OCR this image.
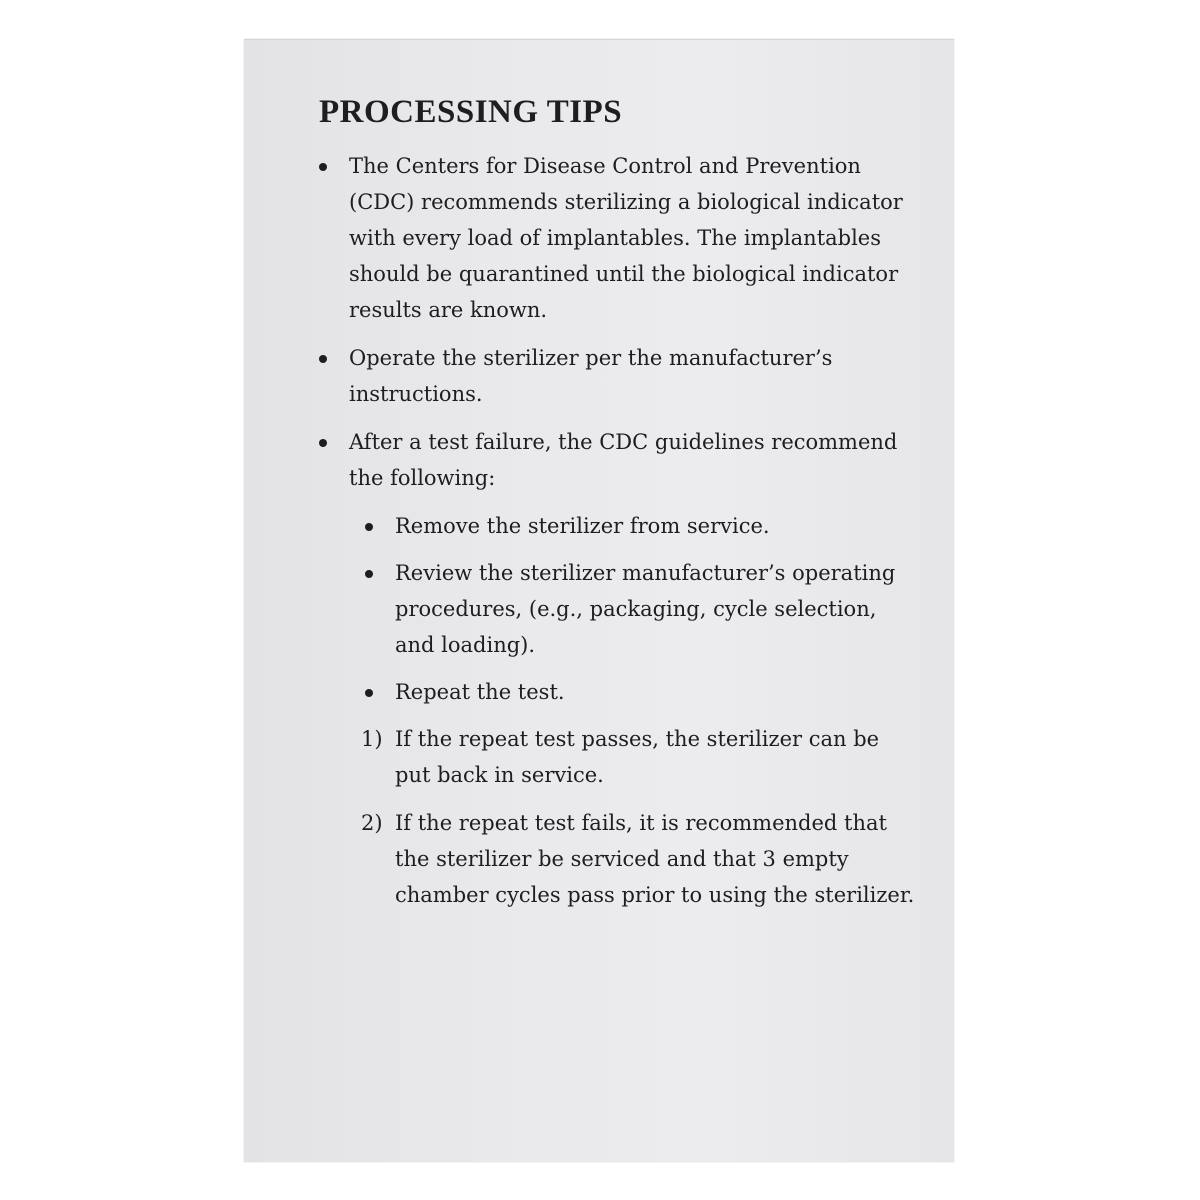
PROCESSING TIPS
The Centers for Disease Control and Prevention (CDC) recommends sterilizing a biological indicator with every load of implantables. The implantables should be quarantined until the biological indicator results are known.
Operate the sterilizer per the manufacturer’s instructions.
After a test failure, the CDC guidelines recommend the following:
Remove the sterilizer from service.
Review the sterilizer manufacturer’s operating procedures, (e.g., packaging, cycle selection, and loading).
Repeat the test.
1) If the repeat test passes, the sterilizer can be put back in service.
2) If the repeat test fails, it is recommended that the sterilizer be serviced and that 3 empty chamber cycles pass prior to using the sterilizer.
